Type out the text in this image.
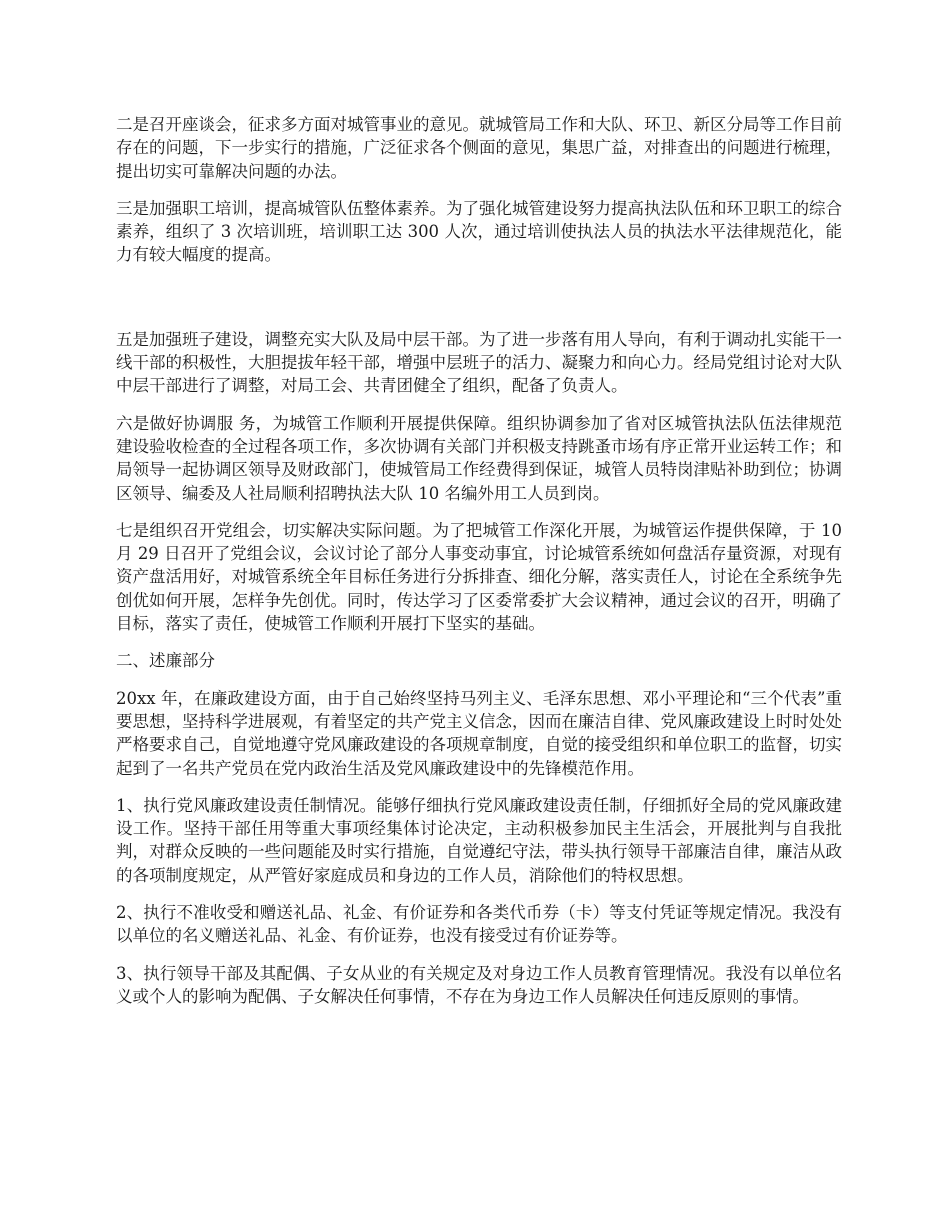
二是召开座谈会，征求多方面对城管事业的意见。就城管局工作和大队、环卫、新区分局等工作目前存在的问题，下一步实行的措施，广泛征求各个侧面的意见，集思广益，对排查出的问题进行梳理，提出切实可靠解决问题的办法。

三是加强职工培训，提高城管队伍整体素养。为了强化城管建设努力提高执法队伍和环卫职工的综合素养，组织了 3 次培训班，培训职工达 300 人次，通过培训使执法人员的执法水平法律规范化，能力有较大幅度的提高。

五是加强班子建设，调整充实大队及局中层干部。为了进一步落有用人导向，有利于调动扎实能干一线干部的积极性，大胆提拔年轻干部，增强中层班子的活力、凝聚力和向心力。经局党组讨论对大队中层干部进行了调整，对局工会、共青团健全了组织，配备了负责人。

六是做好协调服 务，为城管工作顺利开展提供保障。组织协调参加了省对区城管执法队伍法律规范建设验收检查的全过程各项工作，多次协调有关部门并积极支持跳蚤市场有序正常开业运转工作；和局领导一起协调区领导及财政部门，使城管局工作经费得到保证，城管人员特岗津贴补助到位；协调区领导、编委及人社局顺利招聘执法大队 10 名编外用工人员到岗。

七是组织召开党组会，切实解决实际问题。为了把城管工作深化开展，为城管运作提供保障，于 10 月 29 日召开了党组会议，会议讨论了部分人事变动事宜，讨论城管系统如何盘活存量资源，对现有资产盘活用好，对城管系统全年目标任务进行分拆排查、细化分解，落实责任人，讨论在全系统争先创优如何开展，怎样争先创优。同时，传达学习了区委常委扩大会议精神，通过会议的召开，明确了目标，落实了责任，使城管工作顺利开展打下坚实的基础。

二、述廉部分

20xx 年，在廉政建设方面，由于自己始终坚持马列主义、毛泽东思想、邓小平理论和“三个代表”重要思想，坚持科学进展观，有着坚定的共产党主义信念，因而在廉洁自律、党风廉政建设上时时处处严格要求自己，自觉地遵守党风廉政建设的各项规章制度，自觉的接受组织和单位职工的监督，切实起到了一名共产党员在党内政治生活及党风廉政建设中的先锋模范作用。

1、执行党风廉政建设责任制情况。能够仔细执行党风廉政建设责任制，仔细抓好全局的党风廉政建设工作。坚持干部任用等重大事项经集体讨论决定，主动积极参加民主生活会，开展批判与自我批判，对群众反映的一些问题能及时实行措施，自觉遵纪守法，带头执行领导干部廉洁自律，廉洁从政的各项制度规定，从严管好家庭成员和身边的工作人员，消除他们的特权思想。

2、执行不准收受和赠送礼品、礼金、有价证券和各类代币券（卡）等支付凭证等规定情况。我没有以单位的名义赠送礼品、礼金、有价证券，也没有接受过有价证券等。

3、执行领导干部及其配偶、子女从业的有关规定及对身边工作人员教育管理情况。我没有以单位名义或个人的影响为配偶、子女解决任何事情，不存在为身边工作人员解决任何违反原则的事情。
